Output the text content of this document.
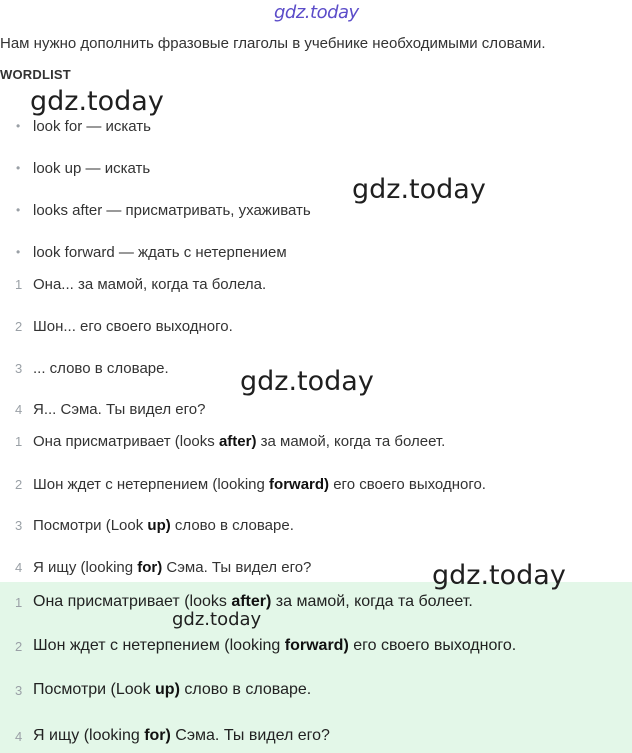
gdz.today
Нам нужно дополнить фразовые глаголы в учебнике необходимыми словами.
WORDLIST
• look for — искать
• look up — искать
• looks after — присматривать, ухаживать
• look forward — ждать с нетерпением
1 Она... за мамой, когда та болела.
2 Шон... его своего выходного.
3 ... слово в словаре.
4 Я... Сэма. Ты видел его?
1 Она присматривает (looks after) за мамой, когда та болеет.
2 Шон ждет с нетерпением (looking forward) его своего выходного.
3 Посмотри (Look up) слово в словаре.
4 Я ищу (looking for) Сэма. Ты видел его?
1 Она присматривает (looks after) за мамой, когда та болеет.
2 Шон ждет с нетерпением (looking forward) его своего выходного.
3 Посмотри (Look up) слово в словаре.
4 Я ищу (looking for) Сэма. Ты видел его?
gdz.today
gdz.today
gdz.today
gdz.today
gdz.today
